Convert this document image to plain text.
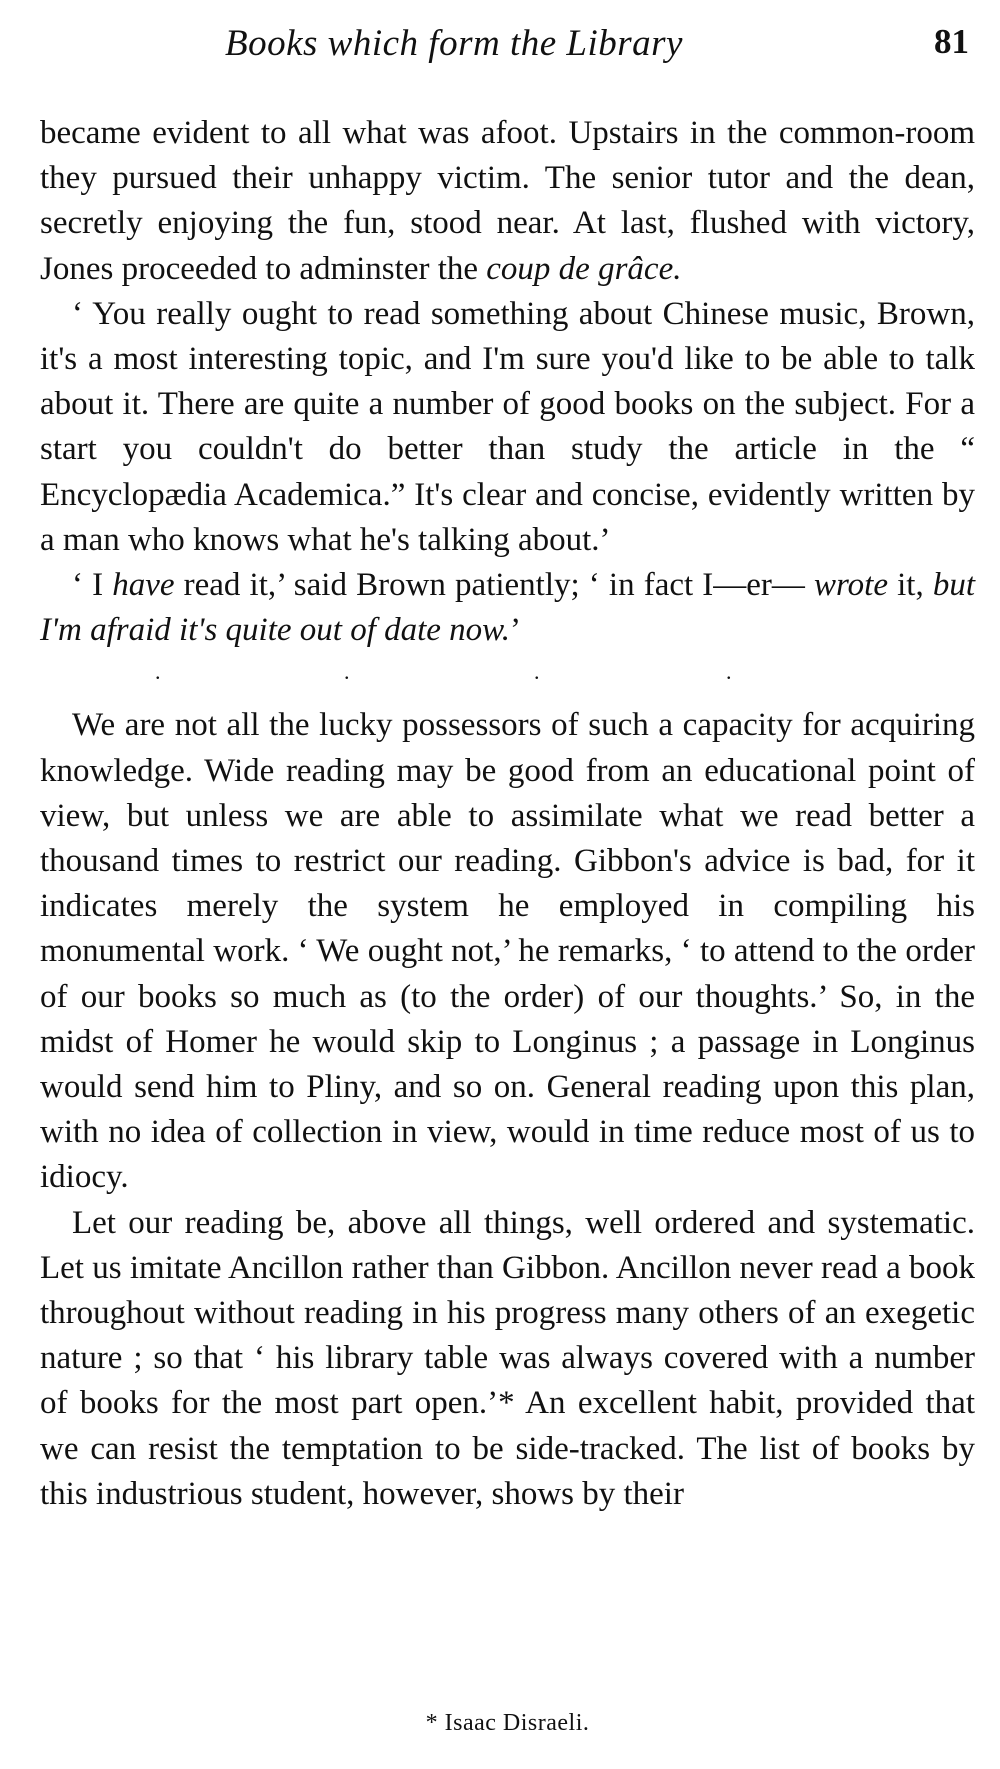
Books which form the Library	81

became evident to all what was afoot. Upstairs in the common-room they pursued their unhappy victim. The senior tutor and the dean, secretly enjoying the fun, stood near. At last, flushed with victory, Jones proceeded to adminster the coup de grâce.

‘ You really ought to read something about Chinese music, Brown, it's a most interesting topic, and I'm sure you'd like to be able to talk about it. There are quite a number of good books on the subject. For a start you couldn't do better than study the article in the “ Encyclopædia Academica.” It's clear and concise, evidently written by a man who knows what he's talking about.’

‘ I have read it,’ said Brown patiently; ‘ in fact I—er— wrote it, but I'm afraid it's quite out of date now.’

.	.	.	.

We are not all the lucky possessors of such a capacity for acquiring knowledge. Wide reading may be good from an educational point of view, but unless we are able to assimilate what we read better a thousand times to restrict our reading. Gibbon's advice is bad, for it indicates merely the system he employed in compiling his monumental work. ‘ We ought not,’ he remarks, ‘ to attend to the order of our books so much as (to the order) of our thoughts.’ So, in the midst of Homer he would skip to Longinus ; a passage in Longinus would send him to Pliny, and so on. General reading upon this plan, with no idea of collection in view, would in time reduce most of us to idiocy.

Let our reading be, above all things, well ordered and systematic. Let us imitate Ancillon rather than Gibbon. Ancillon never read a book throughout without reading in his progress many others of an exegetic nature ; so that ‘ his library table was always covered with a number of books for the most part open.’* An excellent habit, provided that we can resist the temptation to be side-tracked. The list of books by this industrious student, however, shows by their

* Isaac Disraeli.
